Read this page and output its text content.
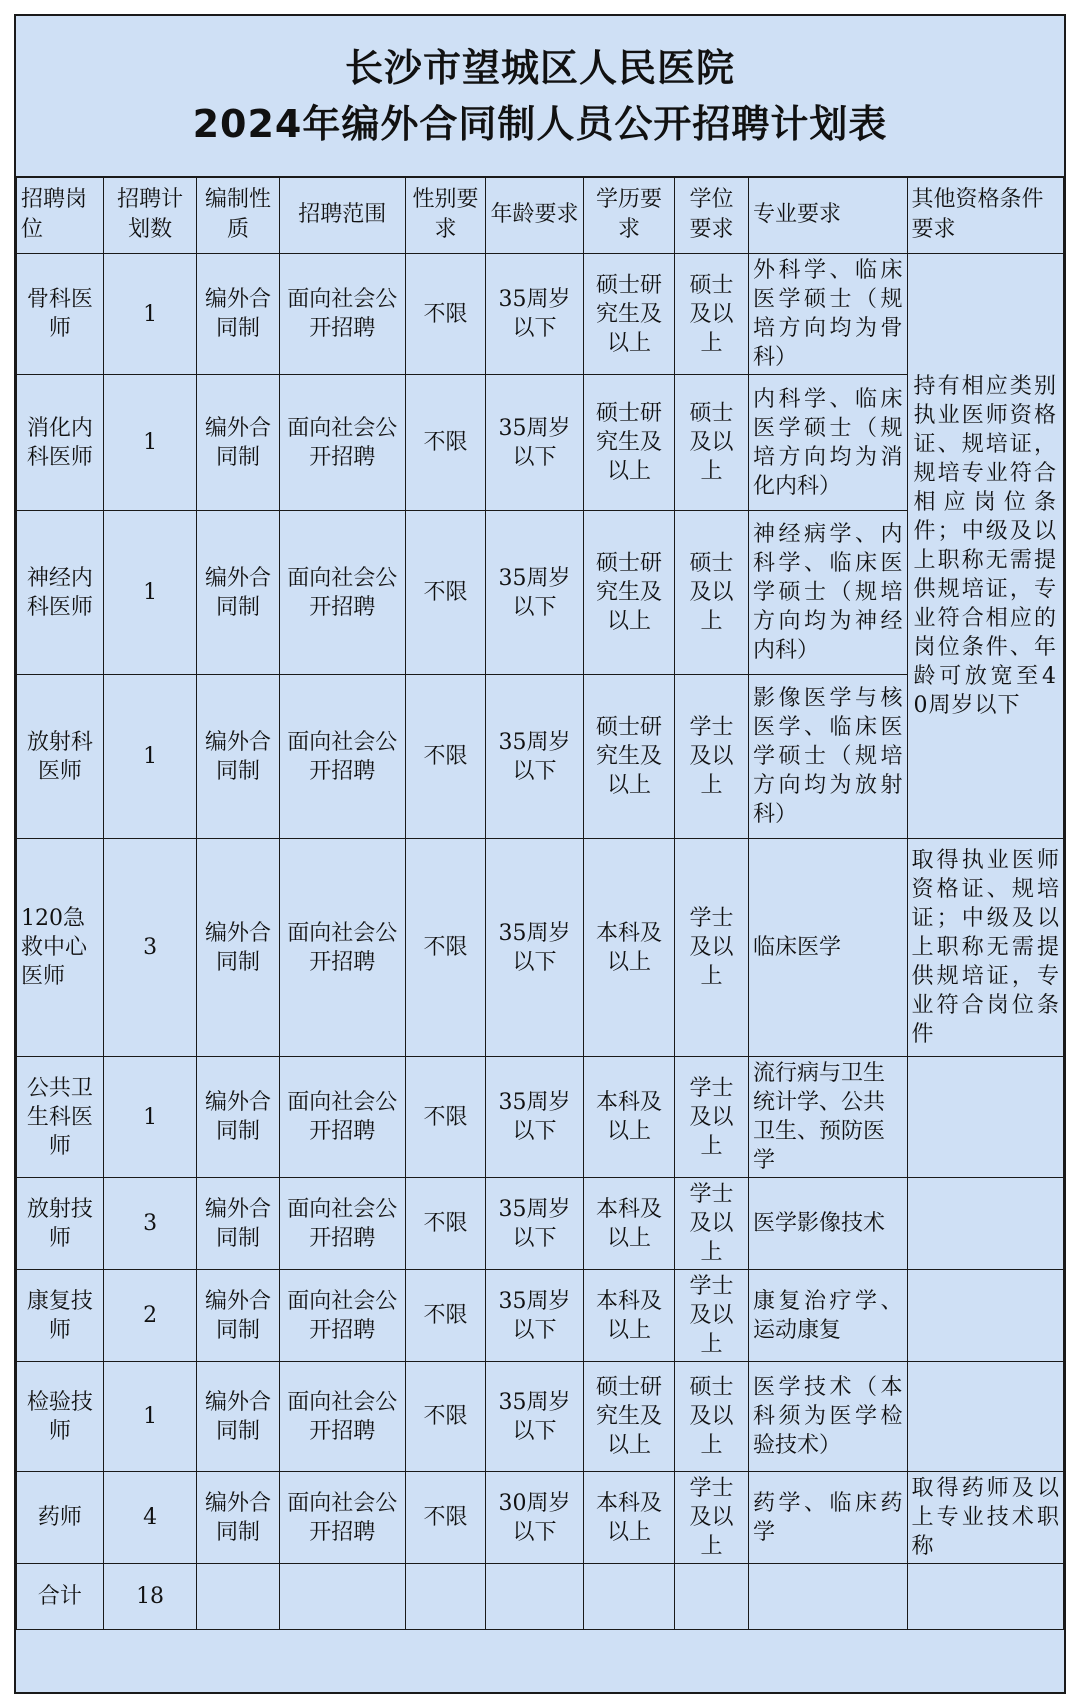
长沙市望城区人民医院
2024年编外合同制人员公开招聘计划表
招聘岗位	招聘计划数	编制性质	招聘范围	性别要求	年龄要求	学历要求	学位要求	专业要求	其他资格条件要求
骨科医师	1	编外合同制	面向社会公开招聘	不限	35周岁以下	硕士研究生及以上	硕士及以上	外科学、临床医学硕士（规培方向均为骨科）	持有相应类别执业医师资格证、规培证，规培专业符合相应岗位条件；中级及以上职称无需提供规培证，专业符合相应的岗位条件、年龄可放宽至40周岁以下
消化内科医师	1	编外合同制	面向社会公开招聘	不限	35周岁以下	硕士研究生及以上	硕士及以上	内科学、临床医学硕士（规培方向均为消化内科）	
神经内科医师	1	编外合同制	面向社会公开招聘	不限	35周岁以下	硕士研究生及以上	硕士及以上	神经病学、内科学、临床医学硕士（规培方向均为神经内科）	
放射科医师	1	编外合同制	面向社会公开招聘	不限	35周岁以下	硕士研究生及以上	学士及以上	影像医学与核医学、临床医学硕士（规培方向均为放射科）	
120急救中心医师	3	编外合同制	面向社会公开招聘	不限	35周岁以下	本科及以上	学士及以上	临床医学	取得执业医师资格证、规培证；中级及以上职称无需提供规培证，专业符合岗位条件
公共卫生科医师	1	编外合同制	面向社会公开招聘	不限	35周岁以下	本科及以上	学士及以上	流行病与卫生统计学、公共卫生、预防医学	
放射技师	3	编外合同制	面向社会公开招聘	不限	35周岁以下	本科及以上	学士及以上	医学影像技术	
康复技师	2	编外合同制	面向社会公开招聘	不限	35周岁以下	本科及以上	学士及以上	康复治疗学、运动康复	
检验技师	1	编外合同制	面向社会公开招聘	不限	35周岁以下	硕士研究生及以上	硕士及以上	医学技术（本科须为医学检验技术）	
药师	4	编外合同制	面向社会公开招聘	不限	30周岁以下	本科及以上	学士及以上	药学、临床药学	取得药师及以上专业技术职称
合计	18								
